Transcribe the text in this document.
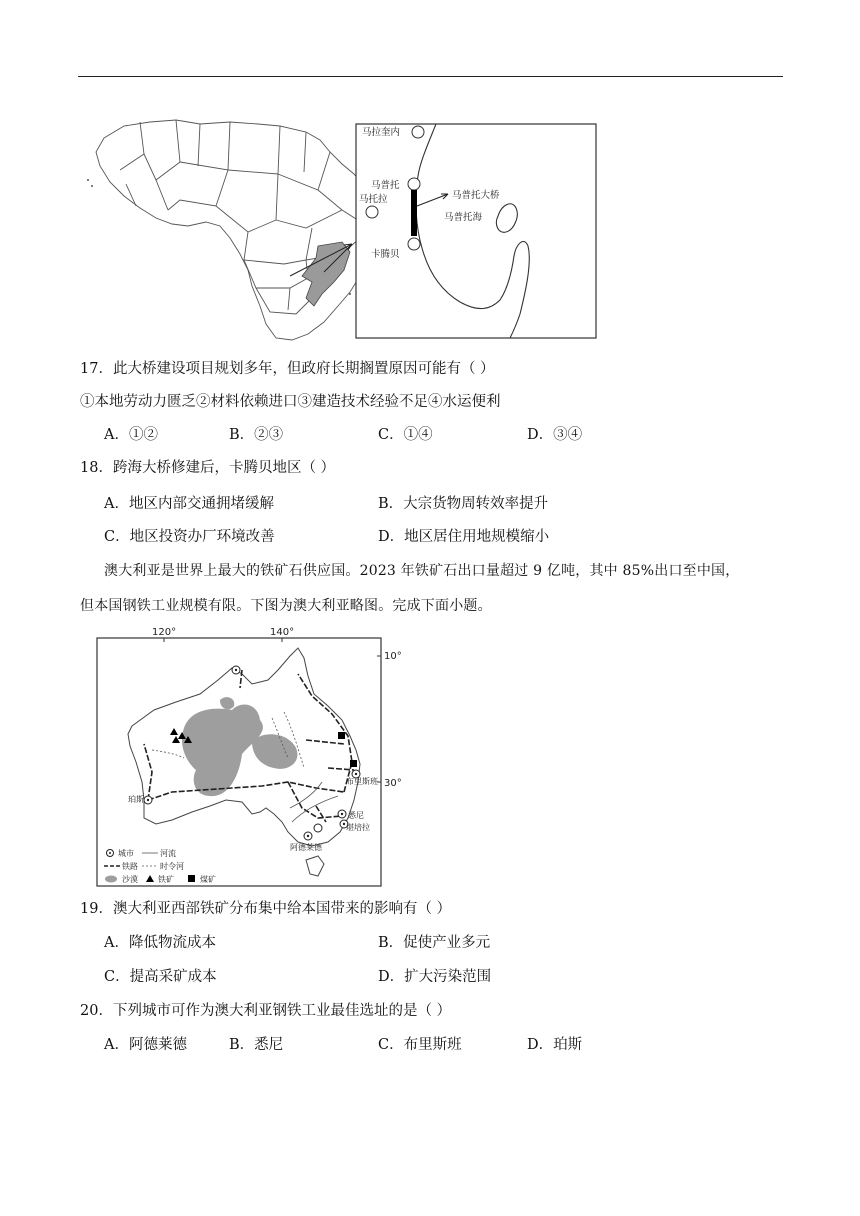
马拉奎内
马普托
马托拉	马普托大桥
马普托海
卡腾贝
17．此大桥建设项目规划多年，但政府长期搁置原因可能有（ ）
①本地劳动力匮乏②材料依赖进口③建造技术经验不足④水运便利
A．①②	B．②③	C．①④	D．③④
18．跨海大桥修建后，卡腾贝地区（ ）
A．地区内部交通拥堵缓解	B．大宗货物周转效率提升
C．地区投资办厂环境改善	D．地区居住用地规模缩小
澳大利亚是世界上最大的铁矿石供应国。2023 年铁矿石出口量超过 9 亿吨，其中 85%出口至中国，
但本国钢铁工业规模有限。下图为澳大利亚略图。完成下面小题。
120°	140°
10°
30°
布里斯班
珀斯
悉尼
堪培拉
阿德莱德
城市	河流
铁路	时令河
沙漠	铁矿	煤矿
19．澳大利亚西部铁矿分布集中给本国带来的影响有（ ）
A．降低物流成本	B．促使产业多元
C．提高采矿成本	D．扩大污染范围
20．下列城市可作为澳大利亚钢铁工业最佳选址的是（ ）
A．阿德莱德	B．悉尼	C．布里斯班	D．珀斯
